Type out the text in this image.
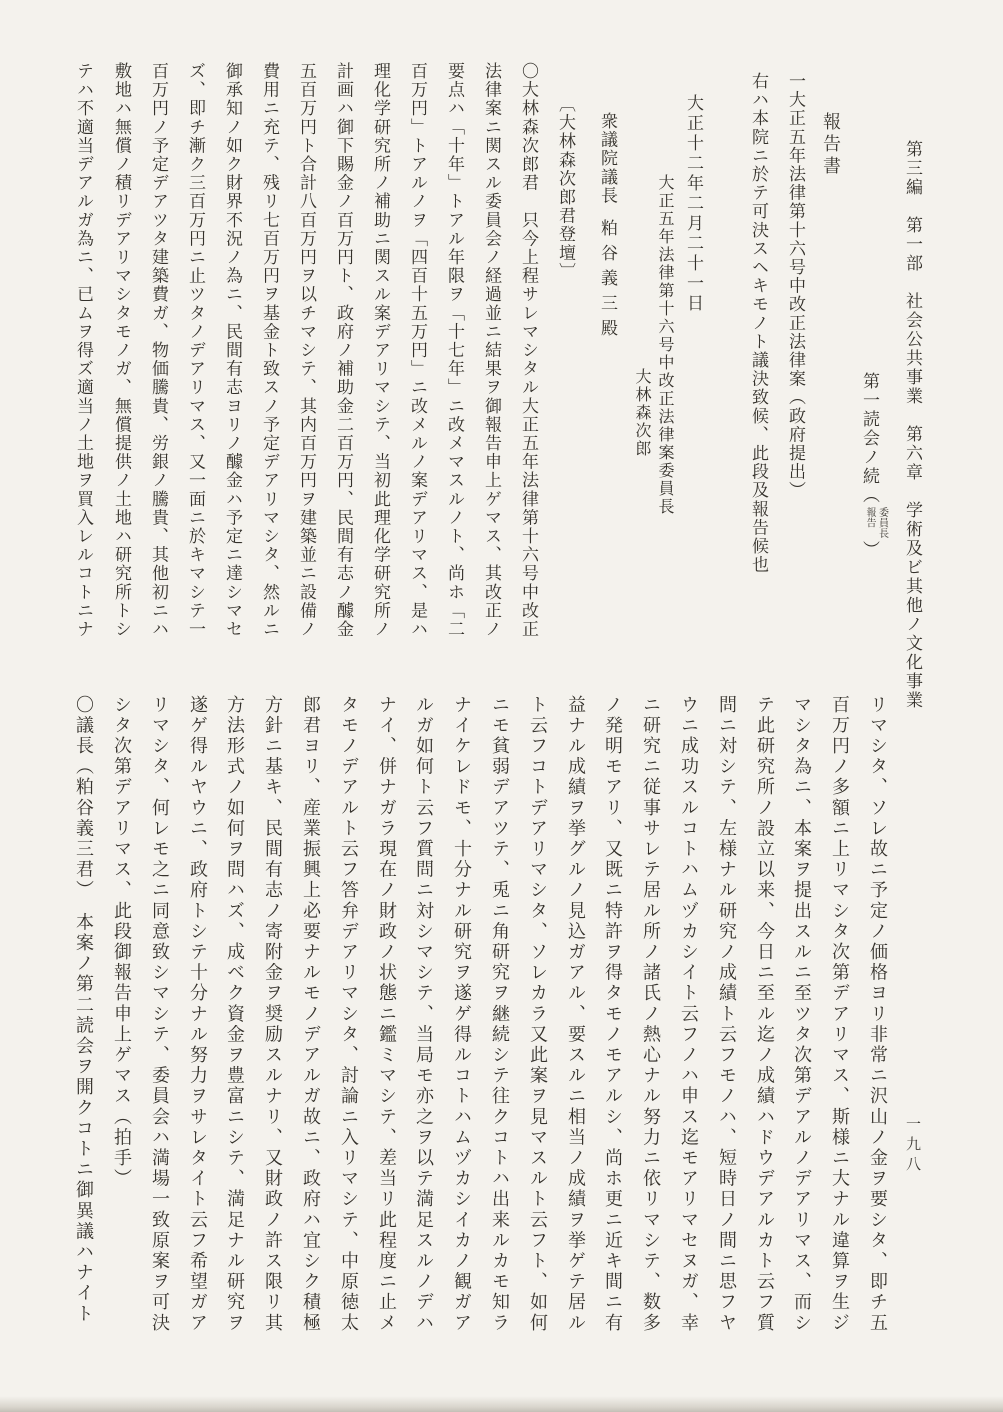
第三編　第一部　社会公共事業　第六章　学術及ビ其他ノ文化事業
第一読会ノ続（
委員長
報告
）
報告書
一大正五年法律第十六号中改正法律案（政府提出）
右ハ本院ニ於テ可決スヘキモノト議決致候、此段及報告候也
大正十二年二月二十一日
大正五年法律第十六号中改正法律案委員長
大林森次郎
衆議院議長粕谷義三殿
〔大林森次郎君登壇〕
〇大林森次郎君　只今上程サレマシタル大正五年法律第十六号中改正
法律案ニ関スル委員会ノ経過並ニ結果ヲ御報告申上ゲマス、其改正ノ
要点ハ「十年」トアル年限ヲ「十七年」ニ改メマスルノト、尚ホ「二
百万円」トアルノヲ「四百十五万円」ニ改メルノ案デアリマス、是ハ
理化学研究所ノ補助ニ関スル案デアリマシテ、当初此理化学研究所ノ
計画ハ御下賜金ノ百万円ト、政府ノ補助金二百万円、民間有志ノ醵金
五百万円ト合計八百万円ヲ以チマシテ、其内百万円ヲ建築並ニ設備ノ
費用ニ充テ、残リ七百万円ヲ基金ト致スノ予定デアリマシタ、然ルニ
御承知ノ如ク財界不況ノ為ニ、民間有志ヨリノ醵金ハ予定ニ達シマセ
ズ、即チ漸ク三百万円ニ止ツタノデアリマス、又一面ニ於キマシテ一
百万円ノ予定デアツタ建築費ガ、物価騰貴、労銀ノ騰貴、其他初ニハ
敷地ハ無償ノ積リデアリマシタモノガ、無償提供ノ土地ハ研究所トシ
テハ不適当デアルガ為ニ、已ムヲ得ズ適当ノ土地ヲ買入レルコトニナ
一九八
リマシタ、ソレ故ニ予定ノ価格ヨリ非常ニ沢山ノ金ヲ要シタ、即チ五
百万円ノ多額ニ上リマシタ次第デアリマス、斯様ニ大ナル違算ヲ生ジ
マシタ為ニ、本案ヲ提出スルニ至ツタ次第デアルノデアリマス、而シ
テ此研究所ノ設立以来、今日ニ至ル迄ノ成績ハドウデアルカト云フ質
問ニ対シテ、左様ナル研究ノ成績ト云フモノハ、短時日ノ間ニ思フヤ
ウニ成功スルコトハムヅカシイト云フノハ申ス迄モアリマセヌガ、幸
ニ研究ニ従事サレテ居ル所ノ諸氏ノ熱心ナル努力ニ依リマシテ、数多
ノ発明モアリ、又既ニ特許ヲ得タモノモアルシ、尚ホ更ニ近キ間ニ有
益ナル成績ヲ挙グルノ見込ガアル、要スルニ相当ノ成績ヲ挙ゲテ居ル
ト云フコトデアリマシタ、ソレカラ又此案ヲ見マスルト云フト、如何
ニモ貧弱デアツテ、兎ニ角研究ヲ継続シテ往クコトハ出来ルカモ知ラ
ナイケレドモ、十分ナル研究ヲ遂ゲ得ルコトハムヅカシイカノ観ガア
ルガ如何ト云フ質問ニ対シマシテ、当局モ亦之ヲ以テ満足スルノデハ
ナイ、併ナガラ現在ノ財政ノ状態ニ鑑ミマシテ、差当リ此程度ニ止メ
タモノデアルト云フ答弁デアリマシタ、討論ニ入リマシテ、中原徳太
郎君ヨリ、産業振興上必要ナルモノデアルガ故ニ、政府ハ宜シク積極
方針ニ基キ、民間有志ノ寄附金ヲ奨励スルナリ、又財政ノ許ス限リ其
方法形式ノ如何ヲ問ハズ、成ベク資金ヲ豊富ニシテ、満足ナル研究ヲ
遂ゲ得ルヤウニ、政府トシテ十分ナル努力ヲサレタイト云フ希望ガア
リマシタ、何レモ之ニ同意致シマシテ、委員会ハ満場一致原案ヲ可決
シタ次第デアリマス、此段御報告申上ゲマス（拍手）
〇議長（粕谷義三君）　本案ノ第二読会ヲ開クコトニ御異議ハナイト
